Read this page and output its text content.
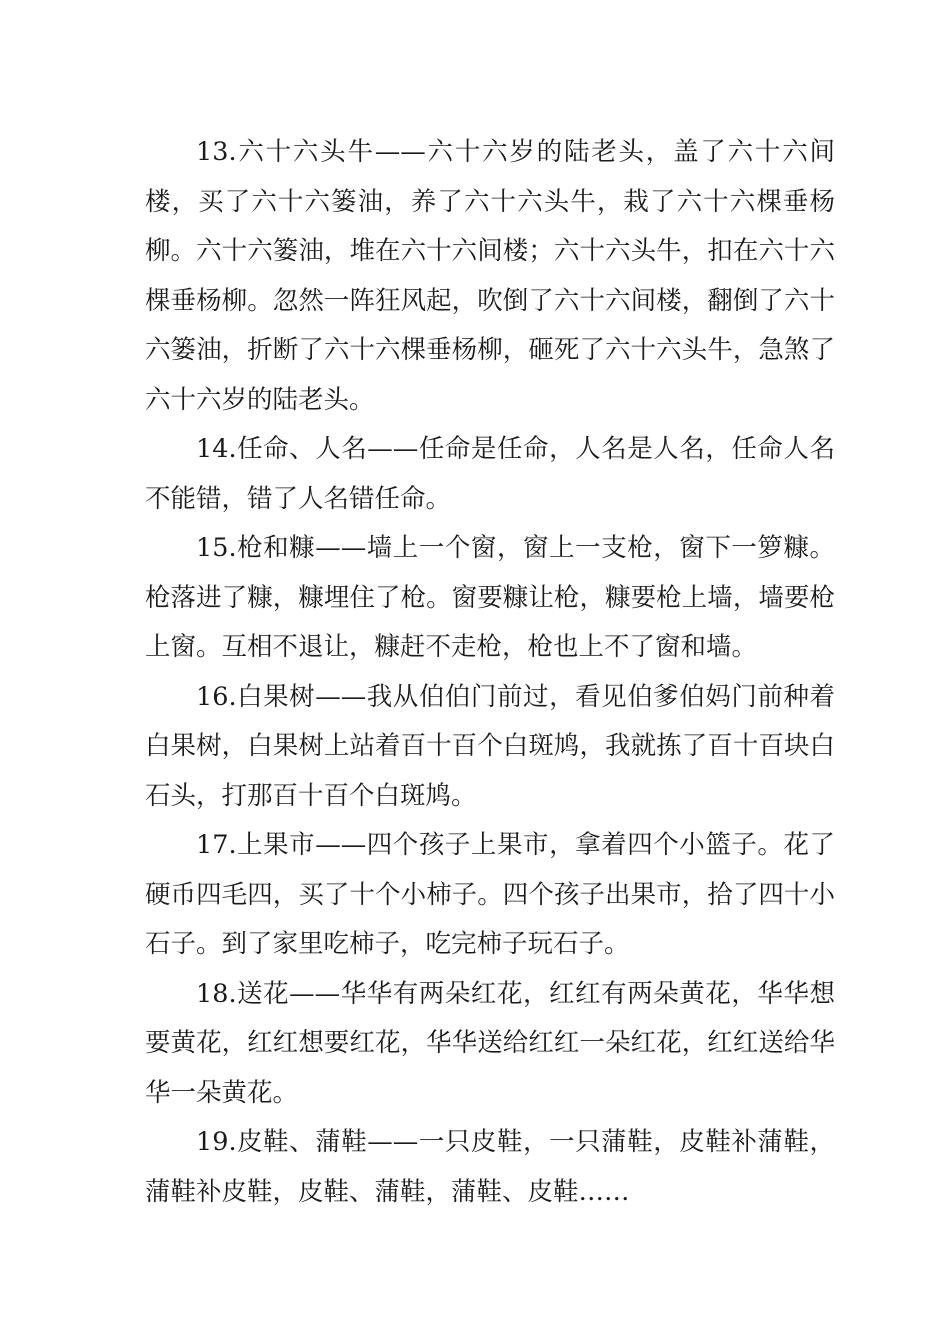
13.六十六头牛——六十六岁的陆老头，盖了六十六间楼，买了六十六篓油，养了六十六头牛，栽了六十六棵垂杨柳。六十六篓油，堆在六十六间楼；六十六头牛，扣在六十六棵垂杨柳。忽然一阵狂风起，吹倒了六十六间楼，翻倒了六十六篓油，折断了六十六棵垂杨柳，砸死了六十六头牛，急煞了六十六岁的陆老头。

14.任命、人名——任命是任命，人名是人名，任命人名不能错，错了人名错任命。

15.枪和糠——墙上一个窗，窗上一支枪，窗下一箩糠。枪落进了糠，糠埋住了枪。窗要糠让枪，糠要枪上墙，墙要枪上窗。互相不退让，糠赶不走枪，枪也上不了窗和墙。

16.白果树——我从伯伯门前过，看见伯爹伯妈门前种着白果树，白果树上站着百十百个白斑鸠，我就拣了百十百块白石头，打那百十百个白斑鸠。

17.上果市——四个孩子上果市，拿着四个小篮子。花了硬币四毛四，买了十个小柿子。四个孩子出果市，拾了四十小石子。到了家里吃柿子，吃完柿子玩石子。

18.送花——华华有两朵红花，红红有两朵黄花，华华想要黄花，红红想要红花，华华送给红红一朵红花，红红送给华华一朵黄花。

19.皮鞋、蒲鞋——一只皮鞋，一只蒲鞋，皮鞋补蒲鞋，蒲鞋补皮鞋，皮鞋、蒲鞋，蒲鞋、皮鞋……
